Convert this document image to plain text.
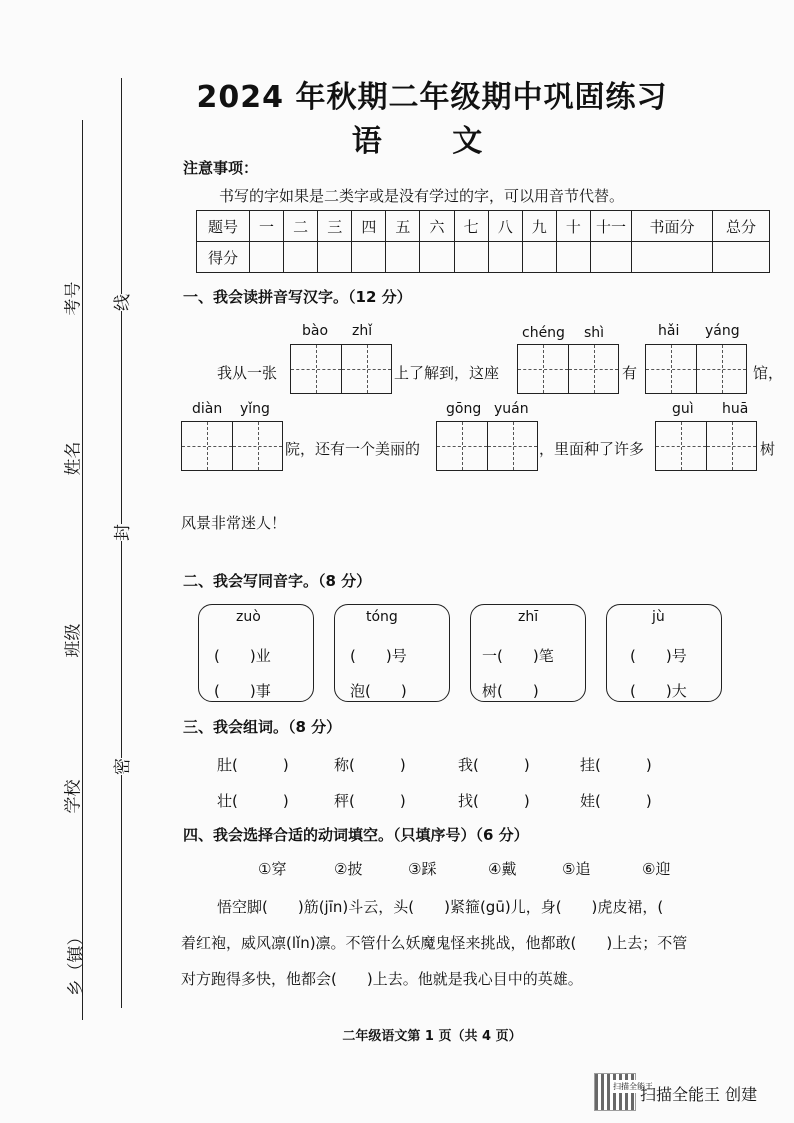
考号
姓名
班级
学校
乡（镇）
线
封
密
2024 年秋期二年级期中巩固练习
语 文
注意事项：
书写的字如果是二类字或是没有学过的字，可以用音节代替。
题号	一	二	三	四	五	六	七	八	九	十	十一	书面分	总分
得分													
一、我会读拼音写汉字。（12 分）
bào zhǐ	chéng shì	hǎi yáng
我从一张	上了解到，这座	有	馆，
diàn yǐng	gōng yuán	guì huā
院，还有一个美丽的	，里面种了许多	树
风景非常迷人！
二、我会写同音字。（8 分）
zuò
(　　)业
(　　)事
tóng
(　　)号
泡(　　)
zhī
一(　　)笔
树(　　)
jù
(　　)号
(　　)大
三、我会组词。（8 分）
肚(　　　)	称(　　　)	我(　　　)	挂(　　　)
壮(　　　)	秤(　　　)	找(　　　)	娃(　　　)
四、我会选择合适的动词填空。（只填序号）（6 分）
①穿	②披	③踩	④戴	⑤追	⑥迎
悟空脚(　　)筋(jīn)斗云，头(　　)紧箍(gū)儿，身(　　)虎皮裙，(
着红袍，威风凛(lǐn)凛。不管什么妖魔鬼怪来挑战，他都敢(　　)上去；不管
对方跑得多快，他都会(　　)上去。他就是我心目中的英雄。
二年级语文第 1 页（共 4 页）
扫描全能王
扫描全能王 创建
